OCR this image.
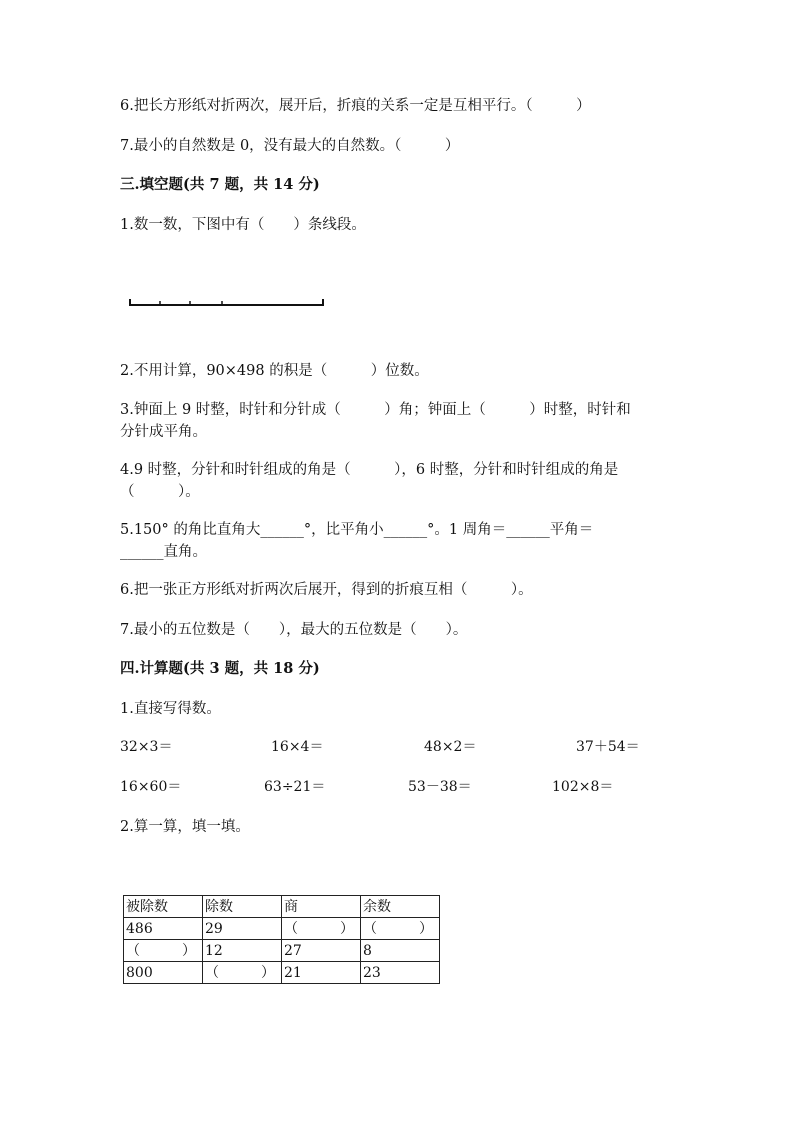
6.把长方形纸对折两次，展开后，折痕的关系一定是互相平行。（　　　）
7.最小的自然数是 0，没有最大的自然数。（　　　）
三.填空题(共 7 题，共 14 分)
1.数一数，下图中有（　　）条线段。
2.不用计算，90×498 的积是（　　　）位数。
3.钟面上 9 时整，时针和分针成（　　　）角；钟面上（　　　）时整，时针和
分针成平角。
4.9 时整，分针和时针组成的角是（　　　），6 时整，分针和时针组成的角是
（　　　）。
5.150° 的角比直角大______°，比平角小______°。1 周角＝______平角＝
______直角。
6.把一张正方形纸对折两次后展开，得到的折痕互相（　　　）。
7.最小的五位数是（　　），最大的五位数是（　　）。
四.计算题(共 3 题，共 18 分)
1.直接写得数。
32×3＝	16×4＝	48×2＝	37＋54＝
16×60＝	63÷21＝	53－38＝	102×8＝
2.算一算，填一填。
被除数	除数	商	余数
486	29	（　　　）	（　　　）
（　　　）	12	27	8
800	（　　　）	21	23
